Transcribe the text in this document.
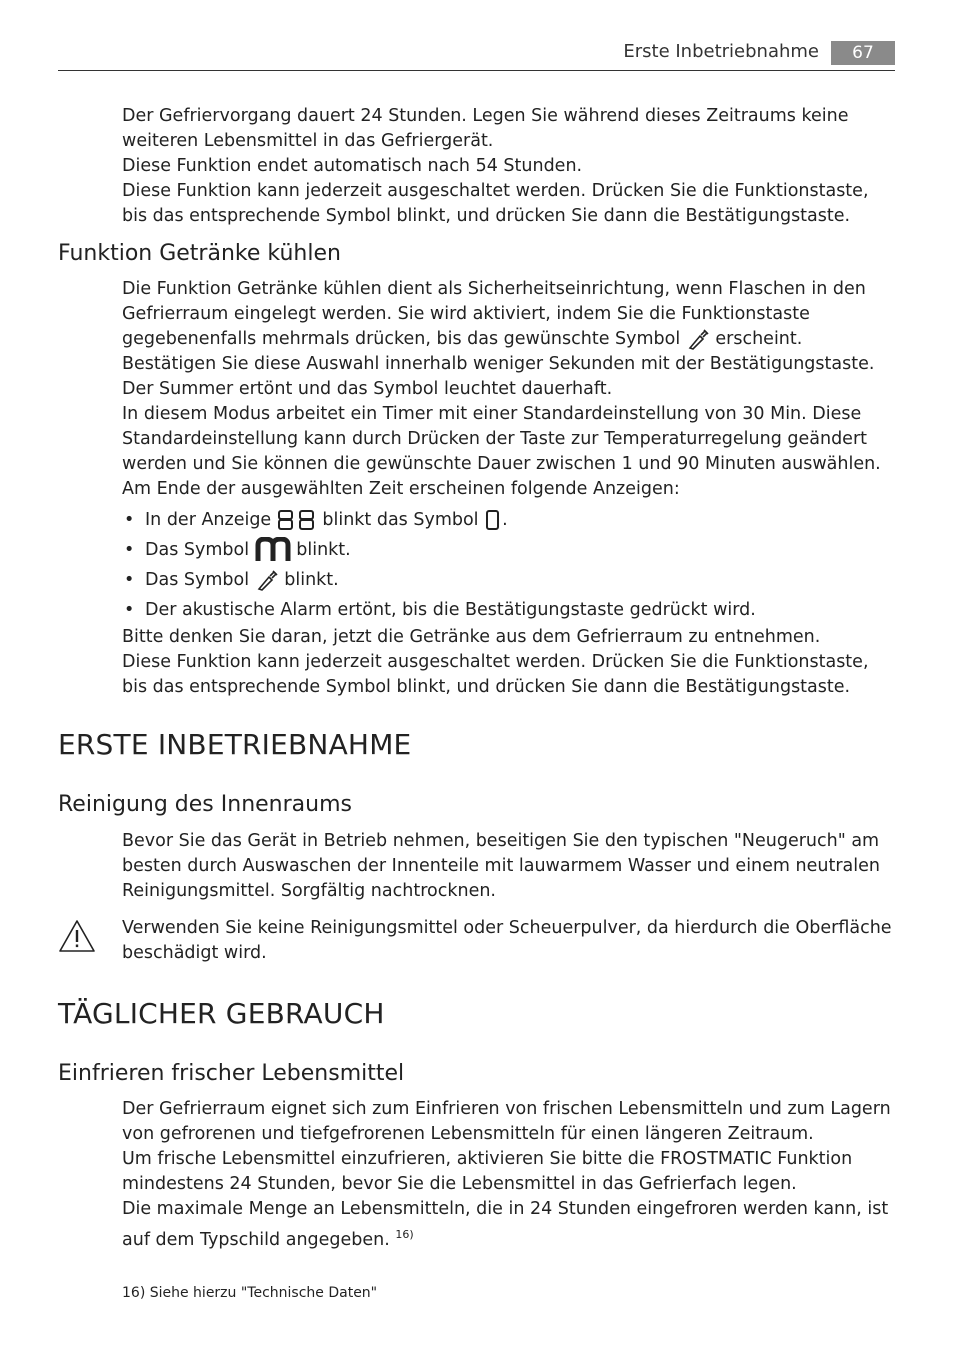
Erste Inbetriebnahme	67

Der Gefriervorgang dauert 24 Stunden. Legen Sie während dieses Zeitraums keine weiteren Lebensmittel in das Gefriergerät.

Diese Funktion endet automatisch nach 54 Stunden.

Diese Funktion kann jederzeit ausgeschaltet werden. Drücken Sie die Funktionstaste, bis das entsprechende Symbol blinkt, und drücken Sie dann die Bestätigungstaste.

Funktion Getränke kühlen

Die Funktion Getränke kühlen dient als Sicherheitseinrichtung, wenn Flaschen in den Gefrierraum eingelegt werden. Sie wird aktiviert, indem Sie die Funktionstaste gegebenenfalls mehrmals drücken, bis das gewünschte Symbol erscheint.

Bestätigen Sie diese Auswahl innerhalb weniger Sekunden mit der Bestätigungstaste. Der Summer ertönt und das Symbol leuchtet dauerhaft.

In diesem Modus arbeitet ein Timer mit einer Standardeinstellung von 30 Min. Diese Standardeinstellung kann durch Drücken der Taste zur Temperaturregelung geändert werden und Sie können die gewünschte Dauer zwischen 1 und 90 Minuten auswählen.

Am Ende der ausgewählten Zeit erscheinen folgende Anzeigen:

• In der Anzeige	blinkt das Symbol .
• Das Symbol	blinkt.
• Das Symbol blinkt.
• Der akustische Alarm ertönt, bis die Bestätigungstaste gedrückt wird.

Bitte denken Sie daran, jetzt die Getränke aus dem Gefrierraum zu entnehmen.

Diese Funktion kann jederzeit ausgeschaltet werden. Drücken Sie die Funktionstaste, bis das entsprechende Symbol blinkt, und drücken Sie dann die Bestätigungstaste.

ERSTE INBETRIEBNAHME
Reinigung des Innenraums

Bevor Sie das Gerät in Betrieb nehmen, beseitigen Sie den typischen "Neugeruch" am besten durch Auswaschen der Innenteile mit lauwarmem Wasser und einem neutralen Reinigungsmittel. Sorgfältig nachtrocknen.

Verwenden Sie keine Reinigungsmittel oder Scheuerpulver, da hierdurch die Oberfläche beschädigt wird.

TÄGLICHER GEBRAUCH
Einfrieren frischer Lebensmittel

Der Gefrierraum eignet sich zum Einfrieren von frischen Lebensmitteln und zum Lagern von gefrorenen und tiefgefrorenen Lebensmitteln für einen längeren Zeitraum.

Um frische Lebensmittel einzufrieren, aktivieren Sie bitte die FROSTMATIC Funktion mindestens 24 Stunden, bevor Sie die Lebensmittel in das Gefrierfach legen.

Die maximale Menge an Lebensmitteln, die in 24 Stunden eingefroren werden kann, ist auf dem Typschild angegeben. $^{16)}$

16) Siehe hierzu "Technische Daten"
